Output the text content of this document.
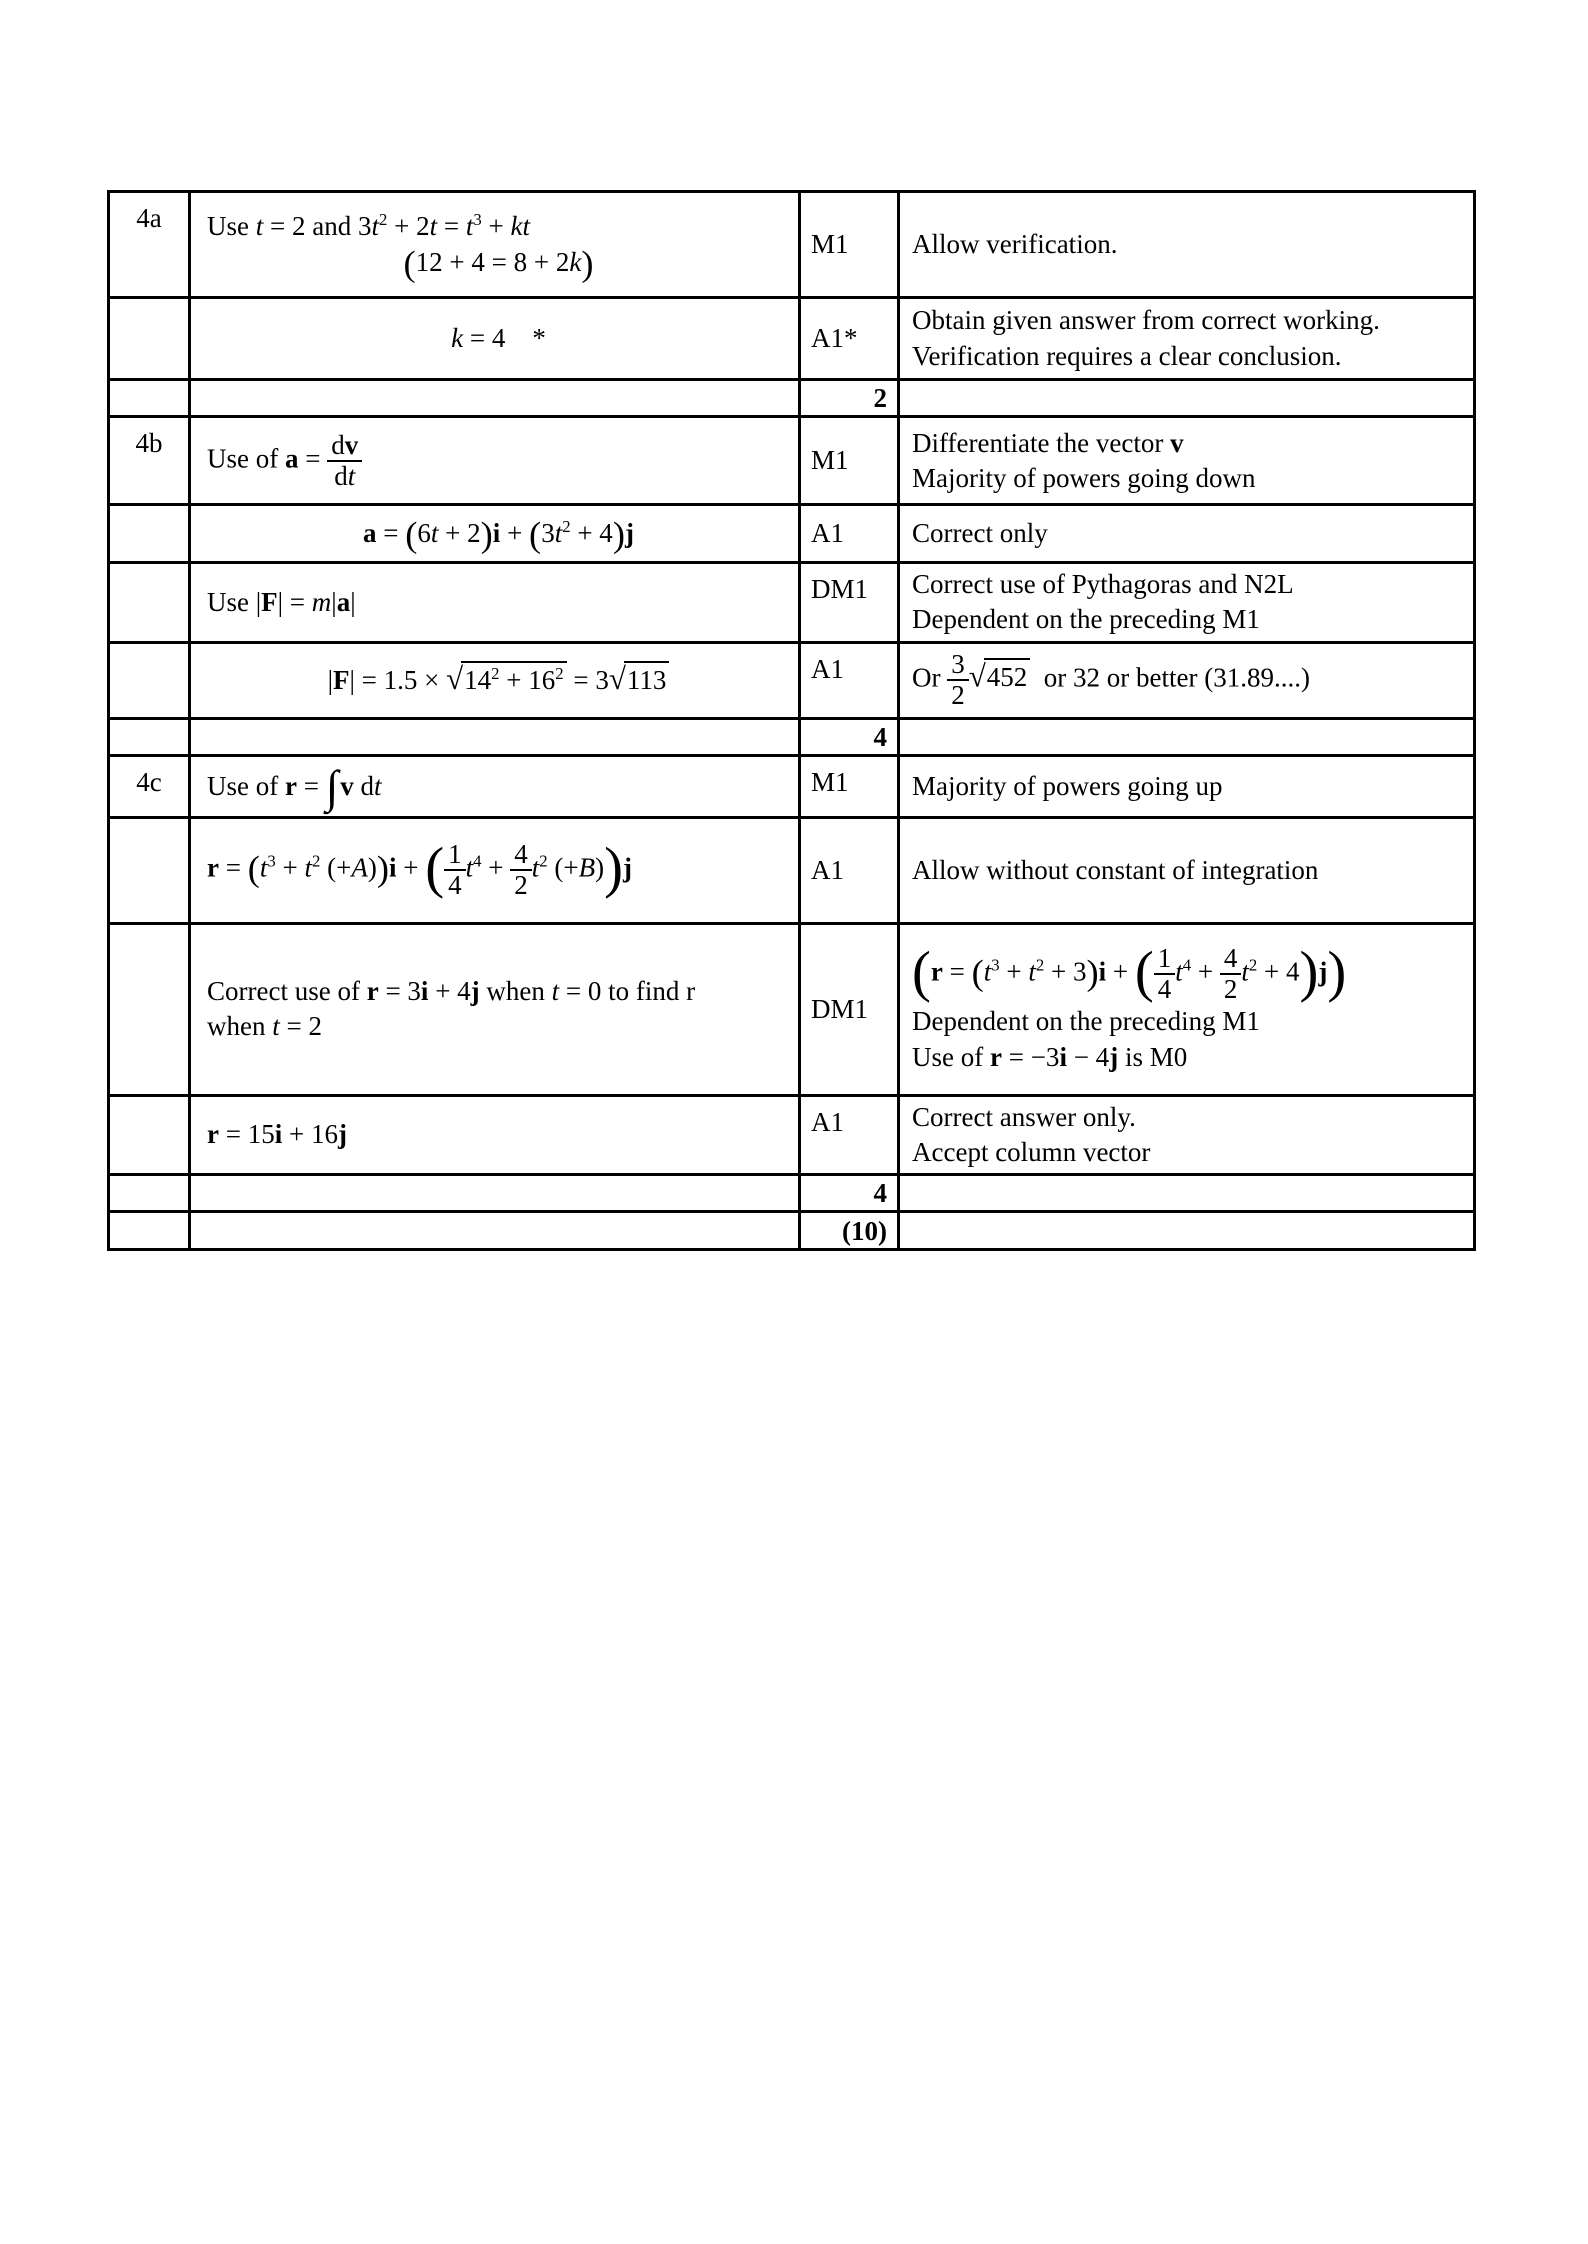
4a	Use t = 2 and $3t^2 + 2t = t^3$ + kt
(12 + 4 = 8 + 2k)	M1	Allow verification.

	k = 4    *	A1*	Obtain given answer from correct working.
Verification requires a clear conclusion.
		2	
4b	Use of $a = \frac{dv}{dt}$	M1	Differentiate the vector v
Majority of powers going down

	$a = (6t + 2)i + (3t^2 + 4)j$	A1	Correct only
	Use |F| = m|a|	DM1	Correct use of Pythagoras and N2L
Dependent on the preceding M1

	$|F| = 1.5 \times √14^2 + 16^2 = 3√113$	A1	Or $\frac{3}{2} √452$  or 32 or better (31.89....)
		4	
4c	Use of r = ∫v dt	M1	Majority of powers going up
	$r = (t^3 + t^2$ (+A))i + ( $\frac{1}{4} t^4 + \frac{4}{2} t^2$ (+B))j	A1	Allow without constant of integration
	Correct use of r = 3i + 4j when t = 0 to find r
when t = 2	DM1	($r = (t^3 + t^2 + 3)i$ + ( $\frac{1}{4} t^4 + \frac{4}{2} t^2 + 4)j$)
Dependent on the preceding M1
Use of r = −3i − 4j is M0
	r = 15i + 16j	A1	Correct answer only.
Accept column vector
		4	
		(10)	
